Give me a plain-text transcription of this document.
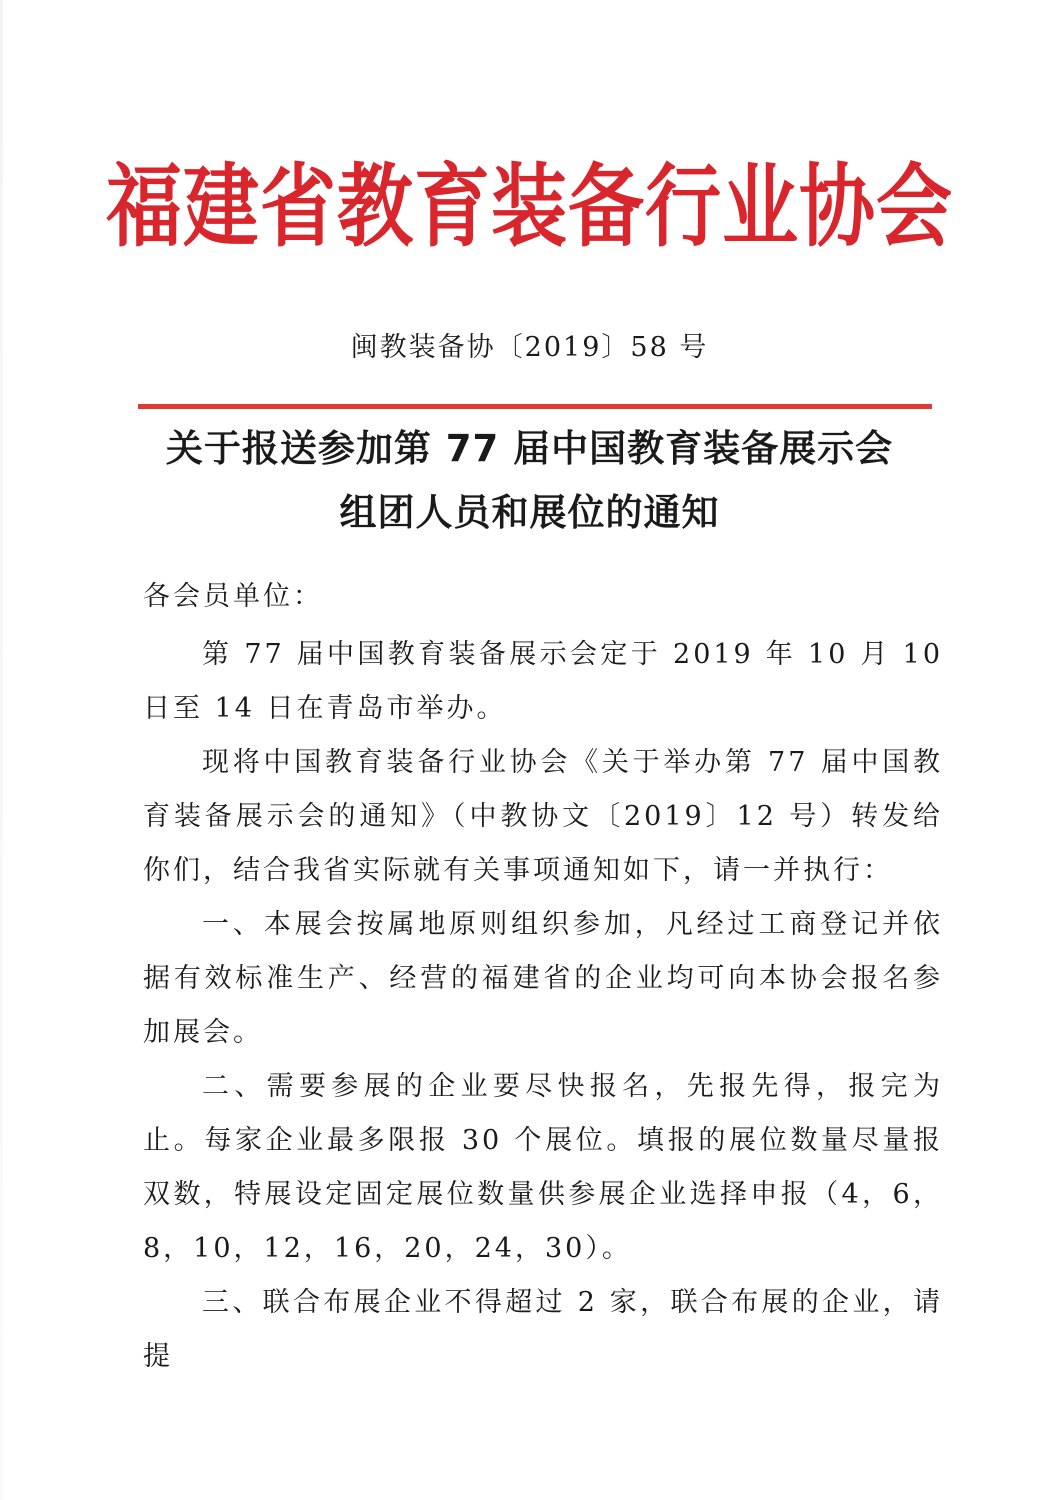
福建省教育装备行业协会
闽教装备协〔2019〕58 号
关于报送参加第 77 届中国教育装备展示会
组团人员和展位的通知

各会员单位：

第 77 届中国教育装备展示会定于 2019 年 10 月 10 日至 14 日在青岛市举办。

现将中国教育装备行业协会《关于举办第 77 届中国教育装备展示会的通知》（中教协文〔2019〕12 号）转发给你们，结合我省实际就有关事项通知如下，请一并执行：

一、本展会按属地原则组织参加，凡经过工商登记并依据有效标准生产、经营的福建省的企业均可向本协会报名参加展会。

二、需要参展的企业要尽快报名，先报先得，报完为止。每家企业最多限报 30 个展位。填报的展位数量尽量报双数，特展设定固定展位数量供参展企业选择申报（4，6，8，10，12，16，20，24，30）。

三、联合布展企业不得超过 2 家，联合布展的企业，请提
